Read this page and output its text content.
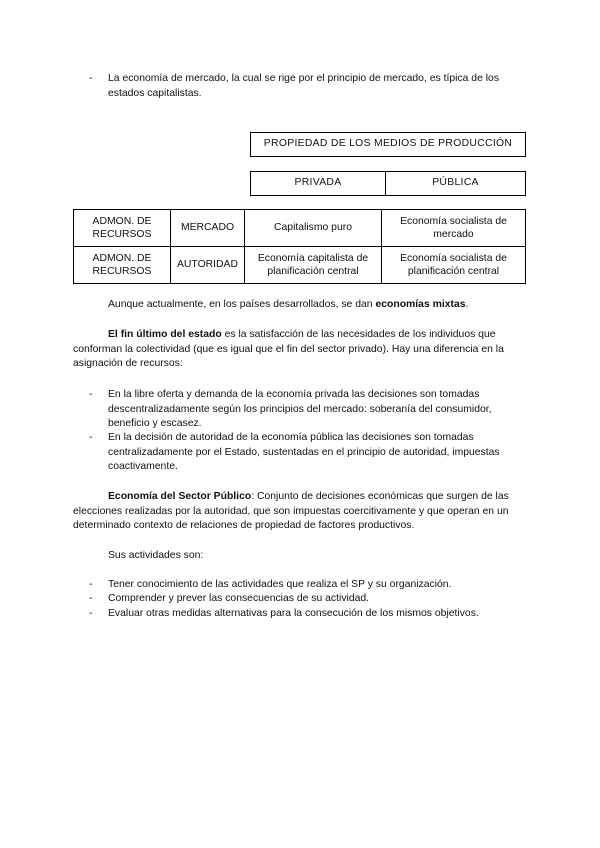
- La economía de mercado, la cual se rige por el principio de mercado, es típica de los estados capitalistas.
PROPIEDAD DE LOS MEDIOS DE PRODUCCIÓN
PRIVADA	PÚBLICA
ADMON. DE RECURSOS	MERCADO	Capitalismo puro	Economía socialista de mercado
ADMON. DE RECURSOS	AUTORIDAD	Economía capitalista de planificación central	Economía socialista de planificación central
Aunque actualmente, en los países desarrollados, se dan economías mixtas.
El fin último del estado es la satisfacción de las necesidades de los individuos que conforman la colectividad (que es igual que el fin del sector privado). Hay una diferencia en la asignación de recursos:
- En la libre oferta y demanda de la economía privada las decisiones son tomadas descentralizadamente según los principios del mercado: soberanía del consumidor, beneficio y escasez.
- En la decisión de autoridad de la economía pública las decisiones son tomadas centralizadamente por el Estado, sustentadas en el principio de autoridad, impuestas coactivamente.
Economía del Sector Público: Conjunto de decisiones económicas que surgen de las elecciones realizadas por la autoridad, que son impuestas coercitivamente y que operan en un determinado contexto de relaciones de propiedad de factores productivos.
Sus actividades son:
- Tener conocimiento de las actividades que realiza el SP y su organización.
- Comprender y prever las consecuencias de su actividad.
- Evaluar otras medidas alternativas para la consecución de los mismos objetivos.
